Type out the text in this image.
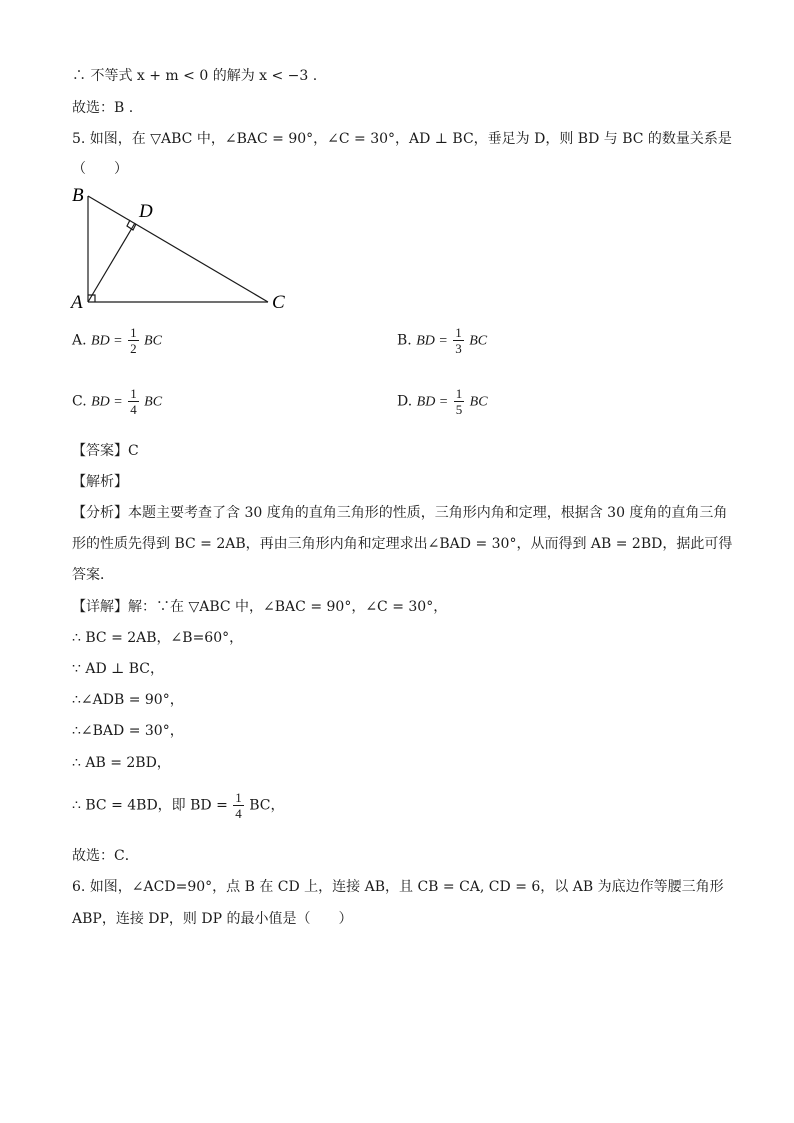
∴ 不等式 x + m < 0 的解为 x < −3 .
故选：B .
5. 如图，在 ▽ABC 中，∠BAC = 90°，∠C = 30°，AD ⊥ BC，垂足为 D，则 BD 与 BC 的数量关系是
（　　）
B
D
A	C
A. BD = $\frac{1}{2}$ BC	B. BD = $\frac{1}{3}$ BC
C. BD = $\frac{1}{4}$ BC	D. BD = $\frac{1}{5}$ BC
【答案】C
【解析】
【分析】本题主要考查了含 30 度角的直角三角形的性质，三角形内角和定理，根据含 30 度角的直角三角
形的性质先得到 BC = 2AB，再由三角形内角和定理求出∠BAD = 30°，从而得到 AB = 2BD，据此可得
答案．
【详解】解：∵在 ▽ABC 中，∠BAC = 90°，∠C = 30°，
∴ BC = 2AB，∠B=60°，
∵ AD ⊥ BC，
∴∠ADB = 90°，
∴∠BAD = 30°，
∴ AB = 2BD，
∴ BC = 4BD，即 BD = $\frac{1}{4}$ BC，
故选：C．
6. 如图，∠ACD=90°，点 B 在 CD 上，连接 AB，且 CB = CA, CD = 6，以 AB 为底边作等腰三角形
ABP，连接 DP，则 DP 的最小值是（　　）
